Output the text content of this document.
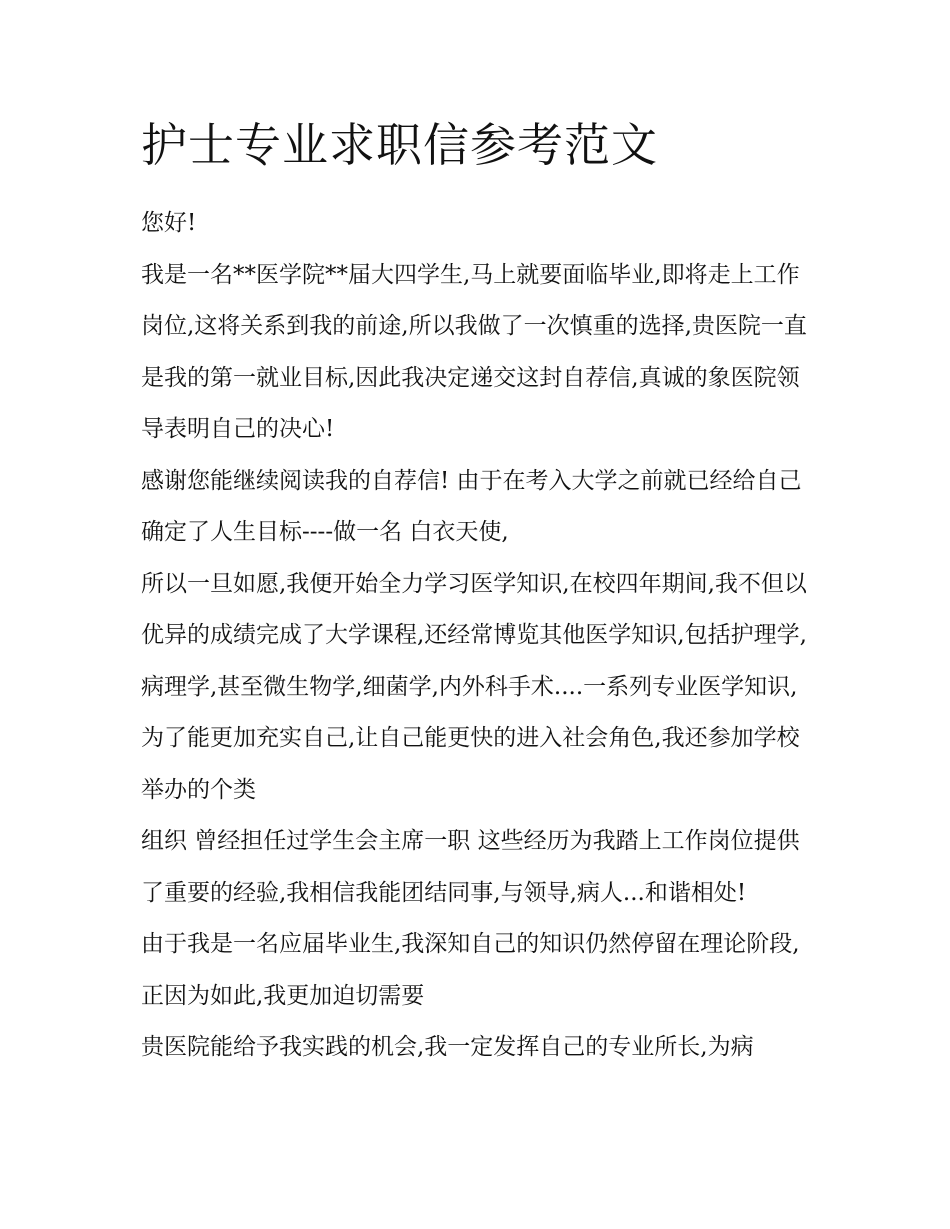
护士专业求职信参考范文

您好!

我是一名**医学院**届大四学生,马上就要面临毕业,即将走上工作岗位,这将关系到我的前途,所以我做了一次慎重的选择,贵医院一直是我的第一就业目标,因此我决定递交这封自荐信,真诚的象医院领导表明自己的决心!

感谢您能继续阅读我的自荐信! 由于在考入大学之前就已经给自己确定了人生目标----做一名 白衣天使,

所以一旦如愿,我便开始全力学习医学知识,在校四年期间,我不但以优异的成绩完成了大学课程,还经常博览其他医学知识,包括护理学,病理学,甚至微生物学,细菌学,内外科手术....一系列专业医学知识,为了能更加充实自己,让自己能更快的进入社会角色,我还参加学校举办的个类

组织 曾经担任过学生会主席一职 这些经历为我踏上工作岗位提供了重要的经验,我相信我能团结同事,与领导,病人...和谐相处!

由于我是一名应届毕业生,我深知自己的知识仍然停留在理论阶段,正因为如此,我更加迫切需要

贵医院能给予我实践的机会,我一定发挥自己的专业所长,为病
